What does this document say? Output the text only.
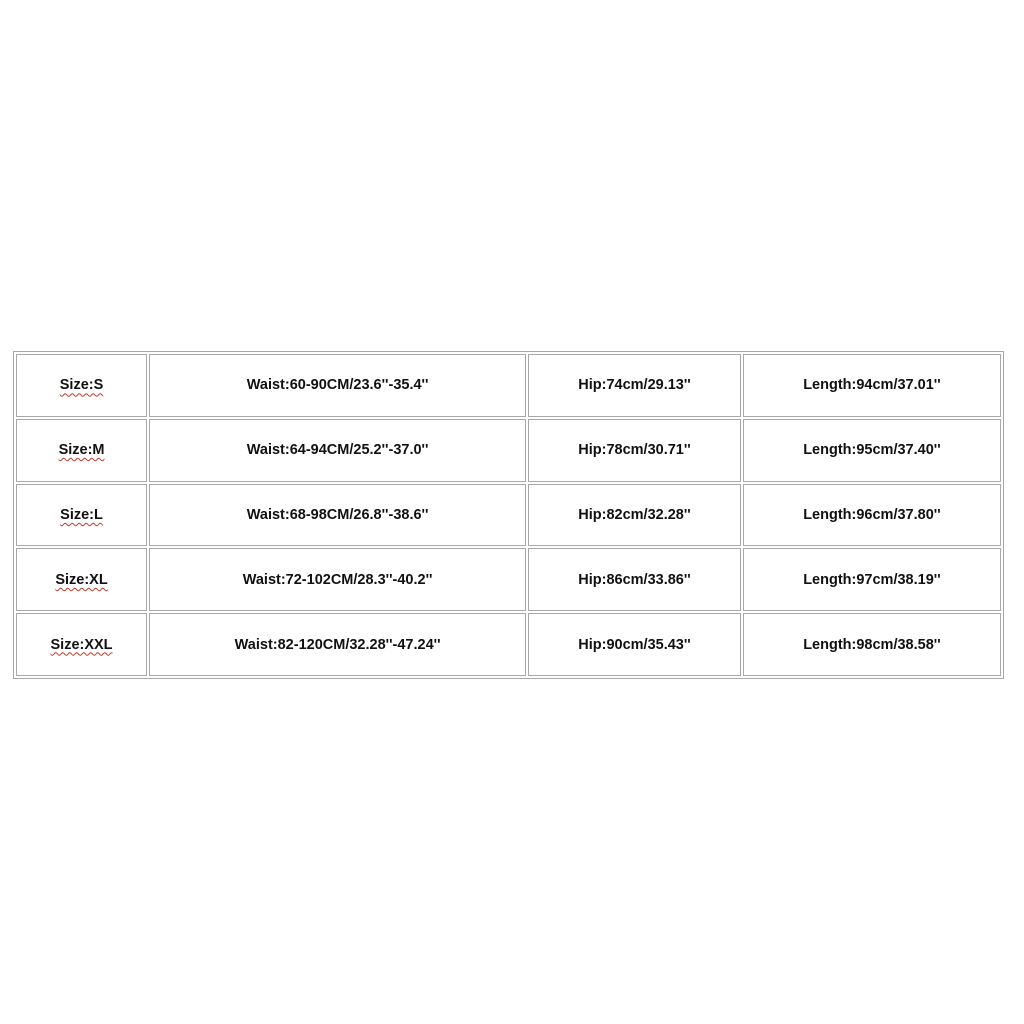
Size:S	Waist:60-90CM/23.6''-35.4''	Hip:74cm/29.13''	Length:94cm/37.01''
Size:M	Waist:64-94CM/25.2''-37.0''	Hip:78cm/30.71''	Length:95cm/37.40''
Size:L	Waist:68-98CM/26.8''-38.6''	Hip:82cm/32.28''	Length:96cm/37.80''
Size:XL	Waist:72-102CM/28.3''-40.2''	Hip:86cm/33.86''	Length:97cm/38.19''
Size:XXL	Waist:82-120CM/32.28''-47.24''	Hip:90cm/35.43''	Length:98cm/38.58''
